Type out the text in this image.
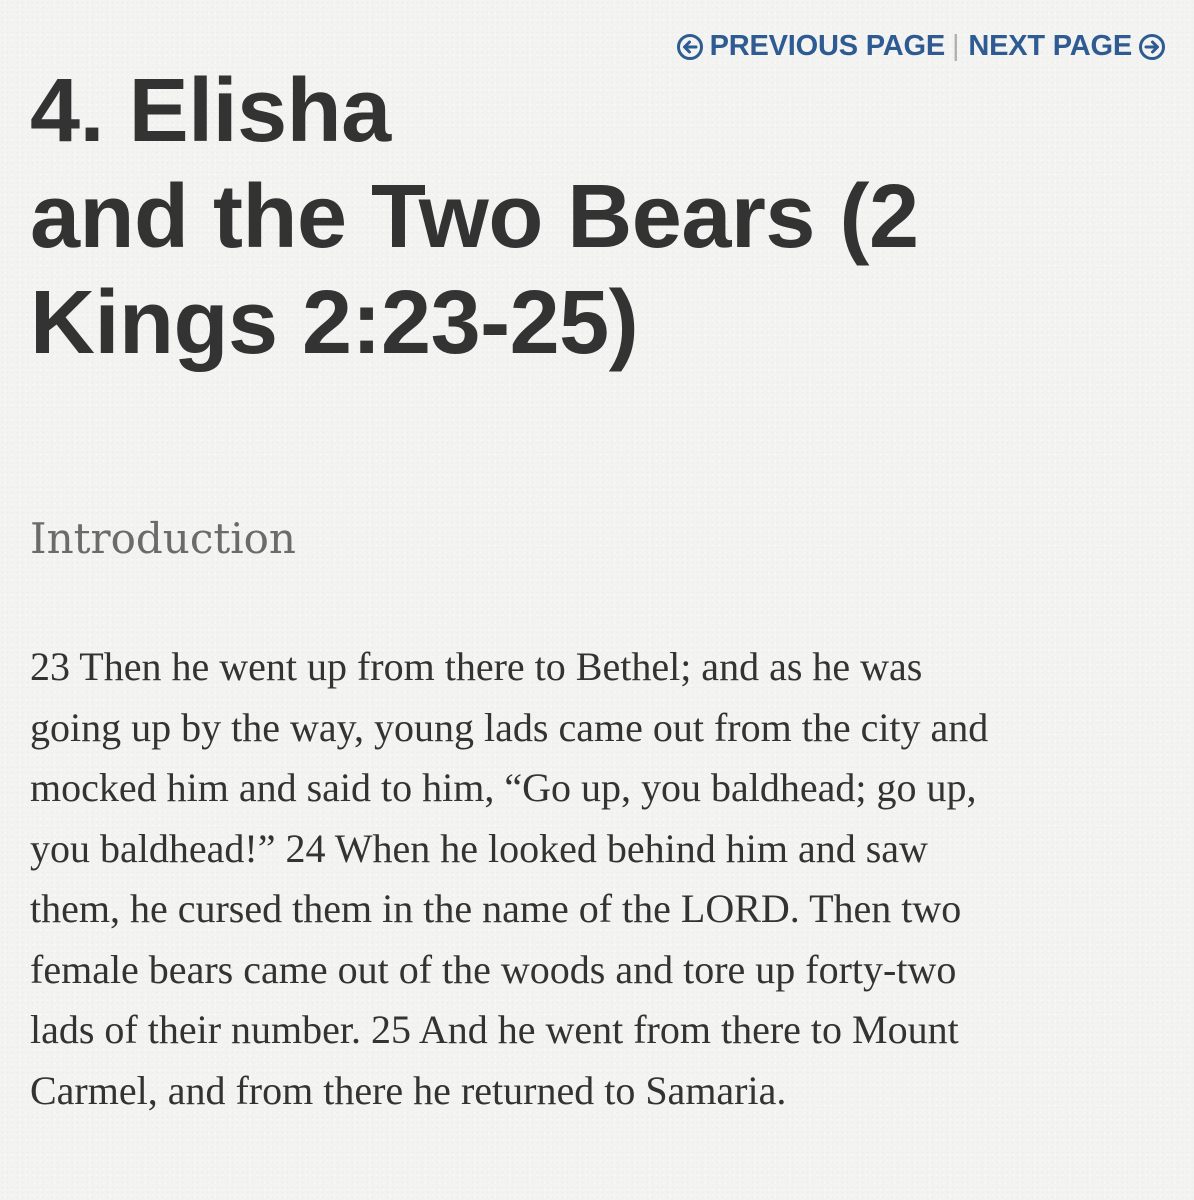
PREVIOUS PAGE | NEXT PAGE
4. Elisha
and the Two Bears (2
Kings 2:23-25)
Introduction

23 Then he went up from there to Bethel; and as he was
going up by the way, young lads came out from the city and
mocked him and said to him, “Go up, you baldhead; go up,
you baldhead!” 24 When he looked behind him and saw
them, he cursed them in the name of the LORD. Then two
female bears came out of the woods and tore up forty-two
lads of their number. 25 And he went from there to Mount
Carmel, and from there he returned to Samaria.
